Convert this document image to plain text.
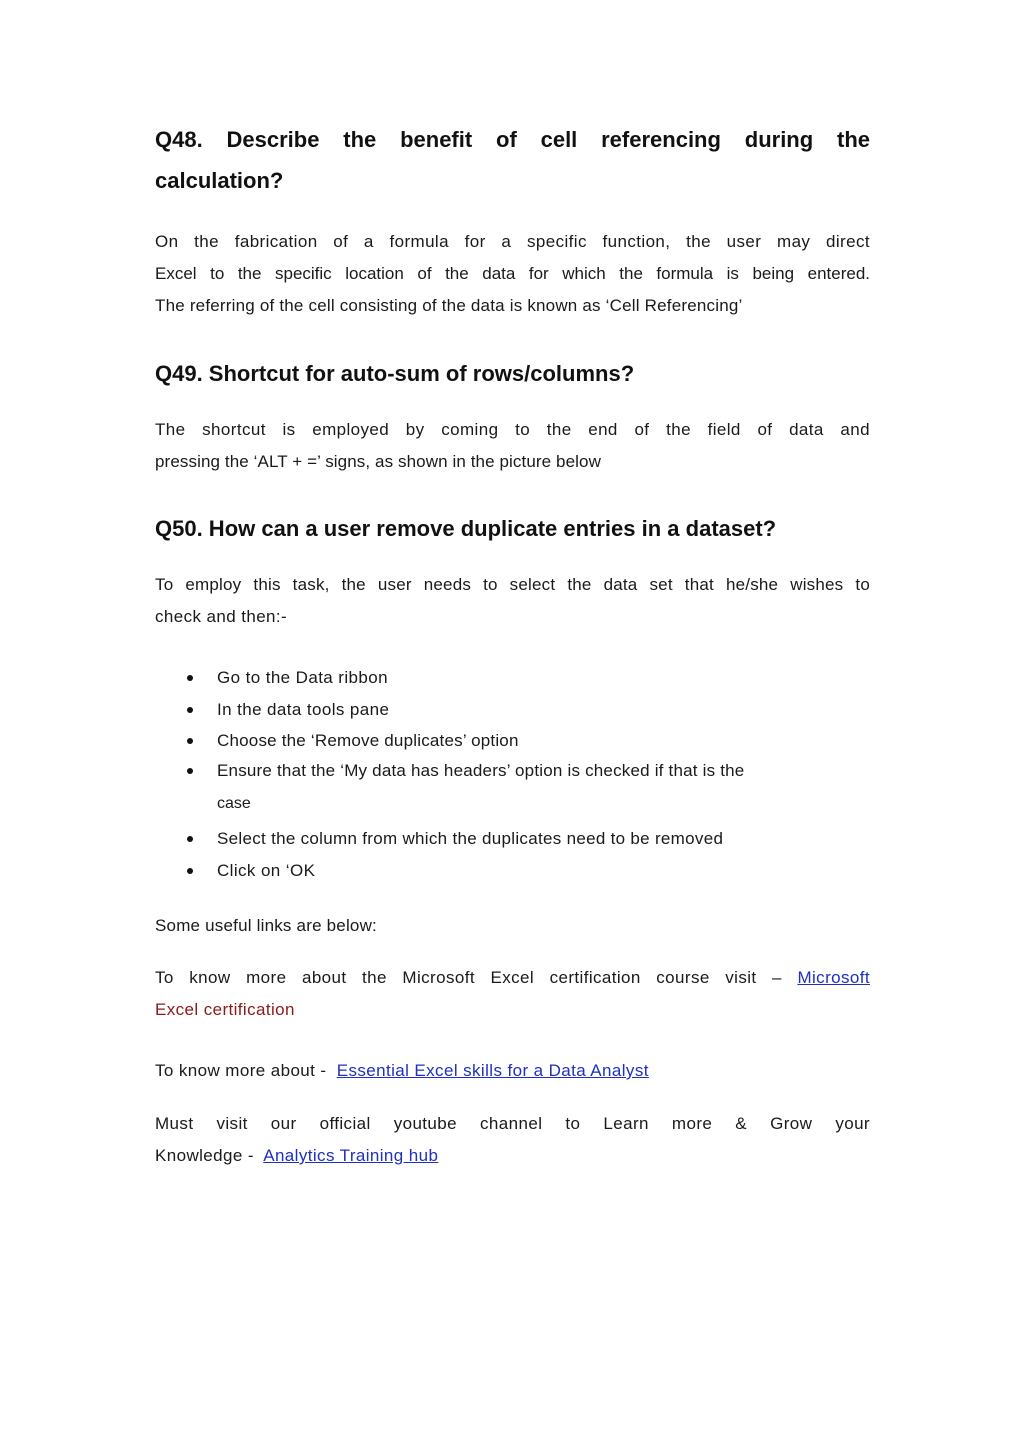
Q48. Describe the benefit of cell referencing during the
calculation?
On the fabrication of a formula for a specific function, the user may direct
Excel to the specific location of the data for which the formula is being entered.
The referring of the cell consisting of the data is known as ‘Cell Referencing’
Q49. Shortcut for auto-sum of rows/columns?
The shortcut is employed by coming to the end of the field of data and
pressing the ‘ALT + =’ signs, as shown in the picture below
Q50. How can a user remove duplicate entries in a dataset?
To employ this task, the user needs to select the data set that he/she wishes to
check and then:-
Go to the Data ribbon
In the data tools pane
Choose the ‘Remove duplicates’ option
Ensure that the ‘My data has headers’ option is checked if that is the
case
Select the column from which the duplicates need to be removed
Click on ‘OK

Some useful links are below:

To know more about the Microsoft Excel certification course visit – Microsoft
Excel certification

To know more about - Essential Excel skills for a Data Analyst

Must visit our official youtube channel to Learn more & Grow your
Knowledge - Analytics Training hub
